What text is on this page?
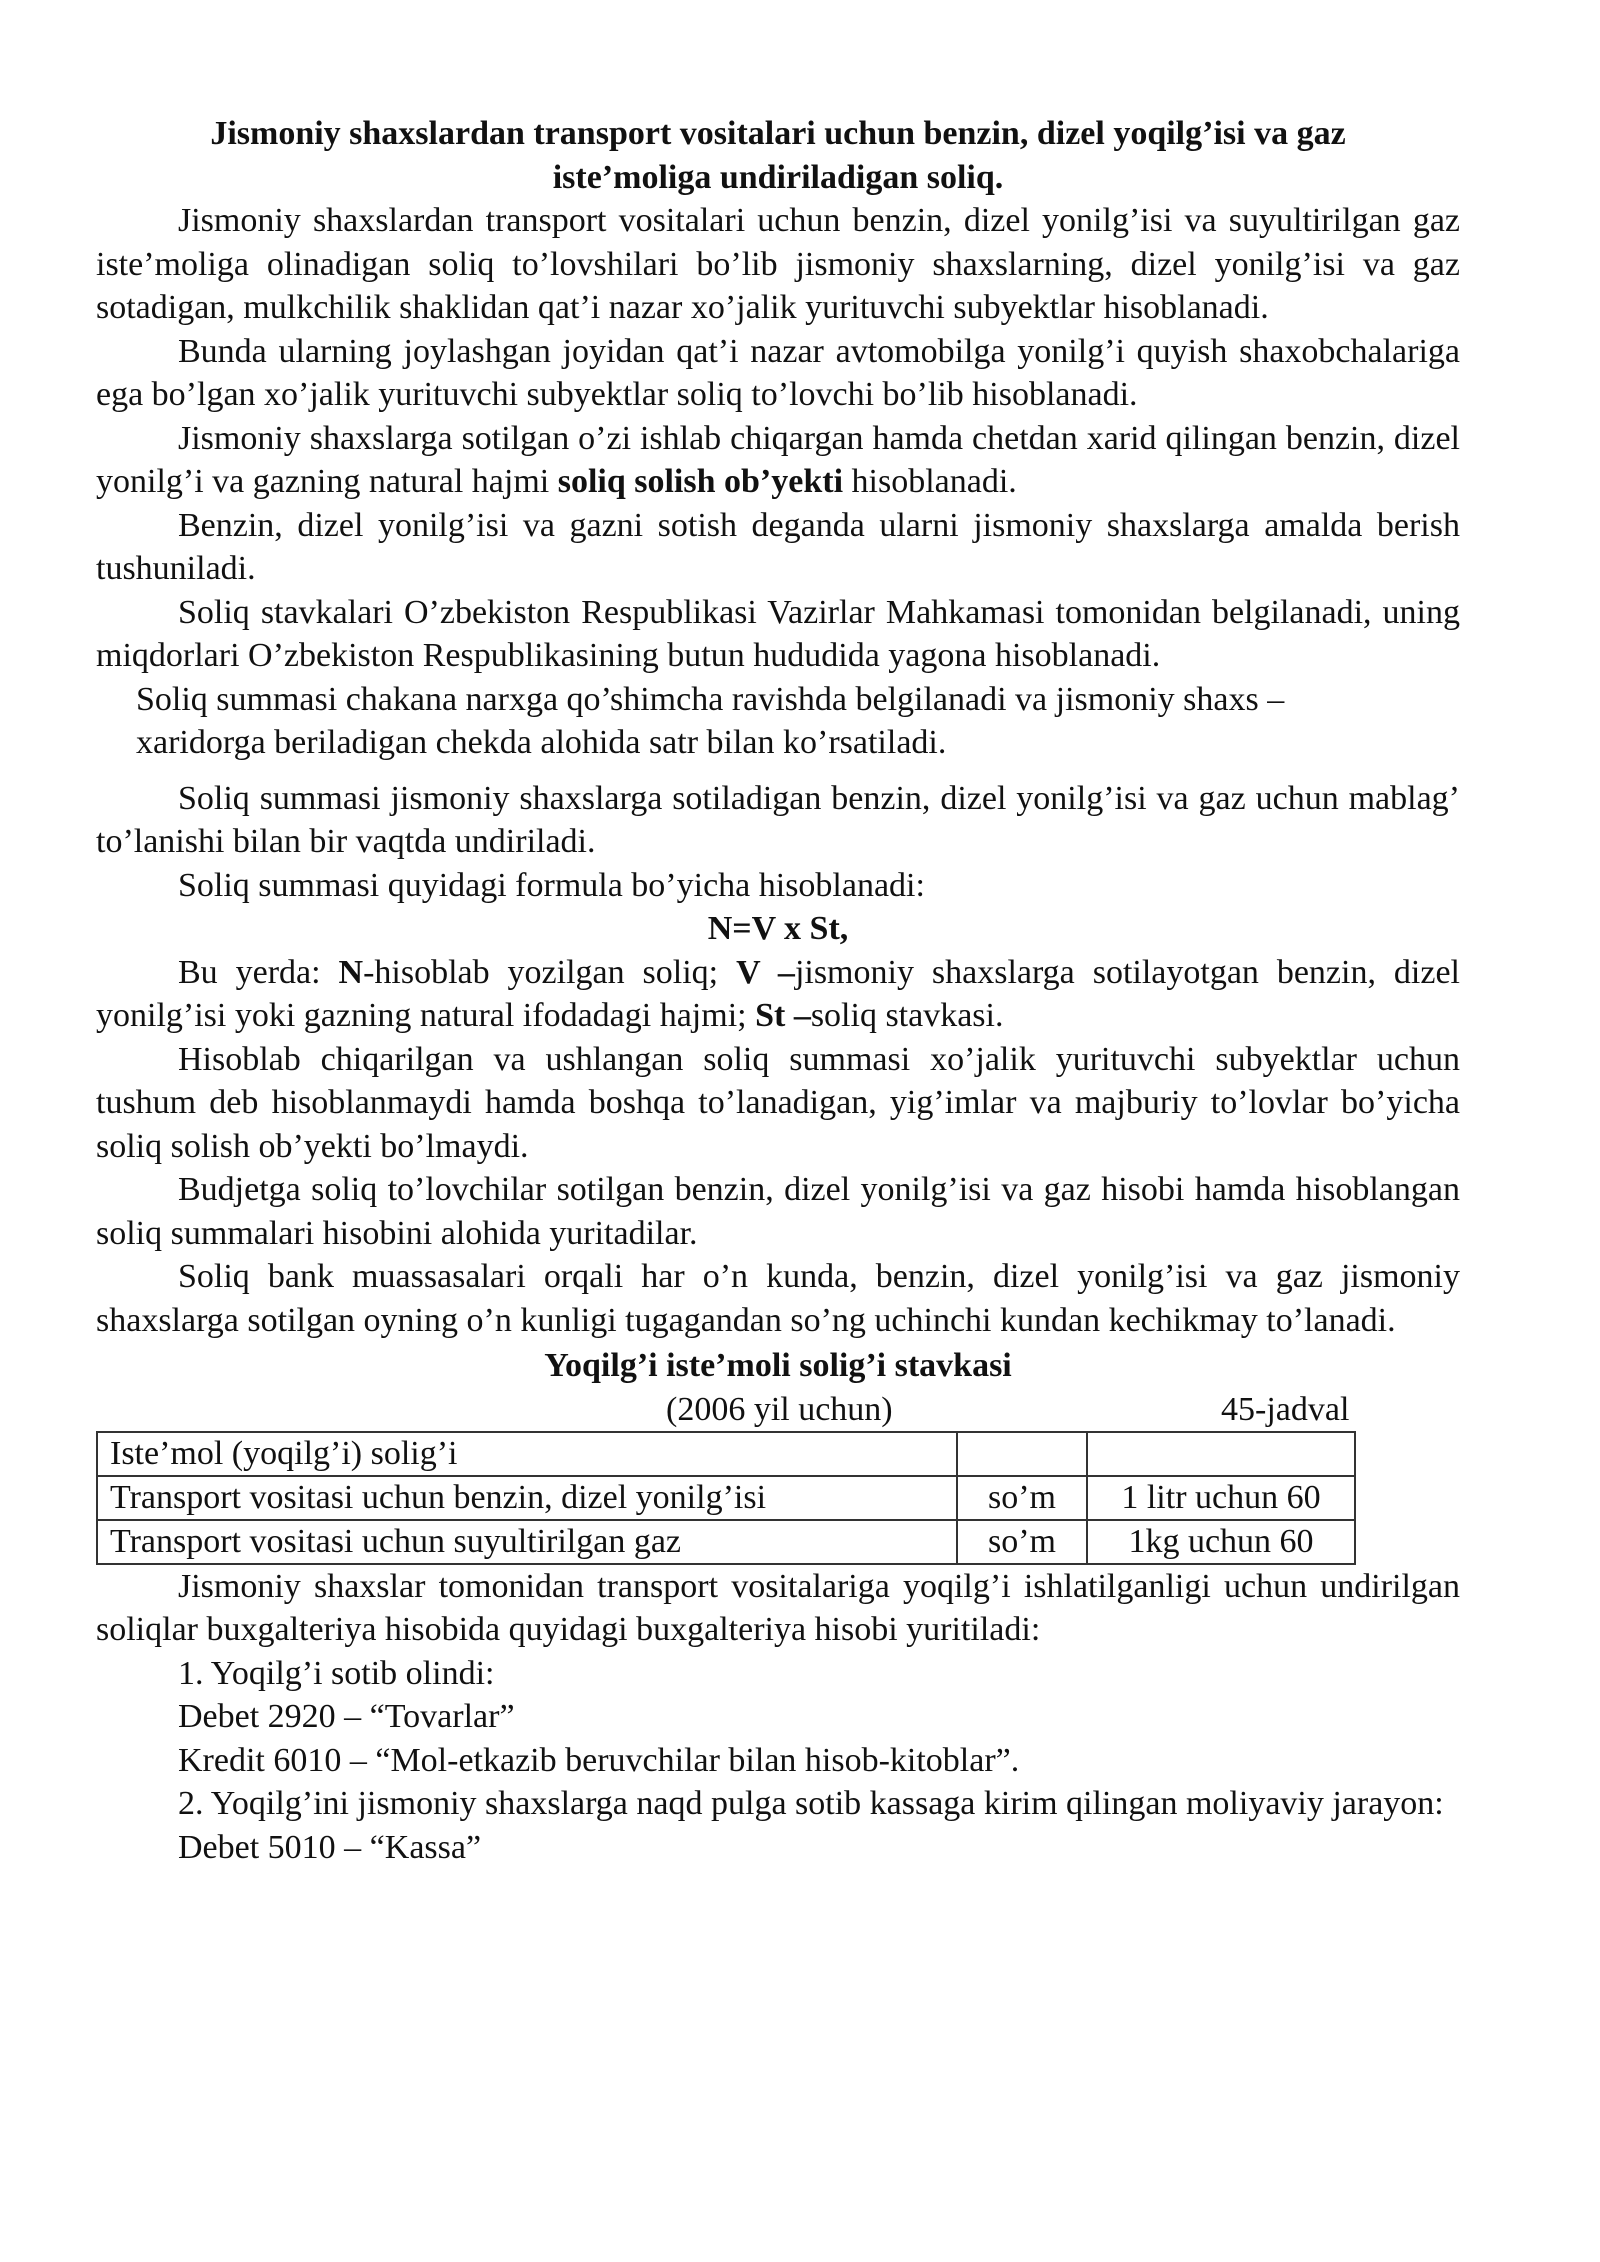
Jismoniy shaxslardan transport vositalari uchun benzin, dizel yoqilg’isi va gaz
iste’moliga undiriladigan soliq.

Jismoniy shaxslardan transport vositalari uchun benzin, dizel yonilg’isi va suyultirilgan gaz iste’moliga olinadigan soliq to’lovshilari bo’lib jismoniy shaxslarning, dizel yonilg’isi va gaz sotadigan, mulkchilik shaklidan qat’i nazar xo’jalik yurituvchi subyektlar hisoblanadi.

Bunda ularning joylashgan joyidan qat’i nazar avtomobilga yonilg’i quyish shaxobchalariga ega bo’lgan xo’jalik yurituvchi subyektlar soliq to’lovchi bo’lib hisoblanadi.

Jismoniy shaxslarga sotilgan o’zi ishlab chiqargan hamda chetdan xarid qilingan benzin, dizel yonilg’i va gazning natural hajmi soliq solish ob’yekti hisoblanadi.

Benzin, dizel yonilg’isi va gazni sotish deganda ularni jismoniy shaxslarga amalda berish tushuniladi.

Soliq stavkalari O’zbekiston Respublikasi Vazirlar Mahkamasi tomonidan belgilanadi, uning miqdorlari O’zbekiston Respublikasining butun hududida yagona hisoblanadi.

Soliq summasi chakana narxga qo’shimcha ravishda belgilanadi va jismoniy shaxs –
xaridorga beriladigan chekda alohida satr bilan ko’rsatiladi.

Soliq summasi jismoniy shaxslarga sotiladigan benzin, dizel yonilg’isi va gaz uchun mablag’ to’lanishi bilan bir vaqtda undiriladi.

Soliq summasi quyidagi formula bo’yicha hisoblanadi:

N=V x St,

Bu yerda: N-hisoblab yozilgan soliq; V –jismoniy shaxslarga sotilayotgan benzin, dizel yonilg’isi yoki gazning natural ifodadagi hajmi; St –soliq stavkasi.

Hisoblab chiqarilgan va ushlangan soliq summasi xo’jalik yurituvchi subyektlar uchun tushum deb hisoblanmaydi hamda boshqa to’lanadigan, yig’imlar va majburiy to’lovlar bo’yicha soliq solish ob’yekti bo’lmaydi.

Budjetga soliq to’lovchilar sotilgan benzin, dizel yonilg’isi va gaz hisobi hamda hisoblangan soliq summalari hisobini alohida yuritadilar.

Soliq bank muassasalari orqali har o’n kunda, benzin, dizel yonilg’isi va gaz jismoniy shaxslarga sotilgan oyning o’n kunligi tugagandan so’ng uchinchi kundan kechikmay to’lanadi.

Yoqilg’i iste’moli solig’i stavkasi
(2006 yil uchun)	45-jadval
Iste’mol (yoqilg’i) solig’i		
Transport vositasi uchun benzin, dizel yonilg’isi	so’m	1 litr uchun 60
Transport vositasi uchun suyultirilgan gaz	so’m	1kg uchun 60

Jismoniy shaxslar tomonidan transport vositalariga yoqilg’i ishlatilganligi uchun undirilgan soliqlar buxgalteriya hisobida quyidagi buxgalteriya hisobi yuritiladi:

1. Yoqilg’i sotib olindi:

Debet 2920 – “Tovarlar”

Kredit 6010 – “Mol-etkazib beruvchilar bilan hisob-kitoblar”.

2. Yoqilg’ini jismoniy shaxslarga naqd pulga sotib kassaga kirim qilingan moliyaviy jarayon:

Debet 5010 – “Kassa”
